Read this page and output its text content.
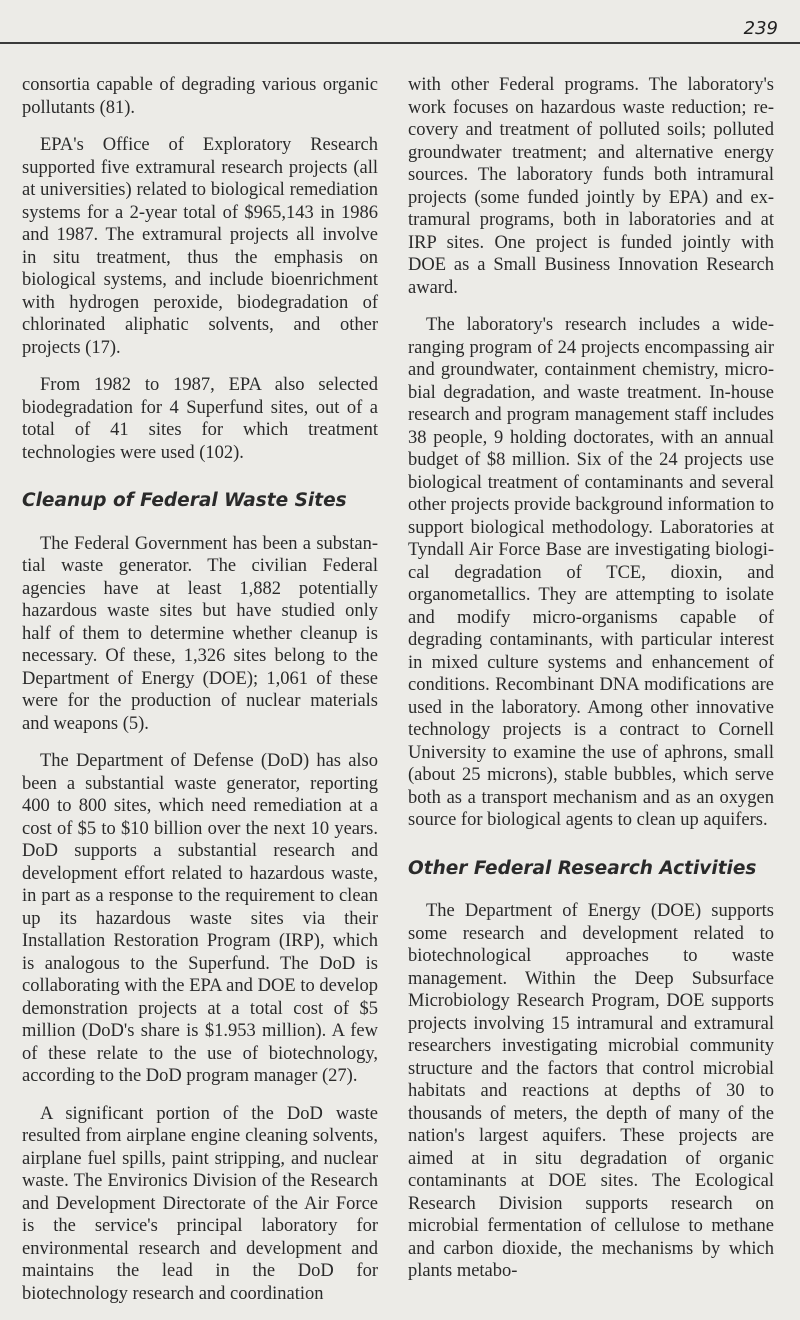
239

consortia capable of degrading various organic pollutants (81).

EPA's Office of Exploratory Research supported five extramural research projects (all at universities) related to biological remediation systems for a 2-year total of $965,143 in 1986 and 1987. The extramural projects all involve in situ treatment, thus the emphasis on biological systems, and include bioenrichment with hydrogen peroxide, biodegradation of chlorinated aliphatic solvents, and other projects (17).

From 1982 to 1987, EPA also selected biodegradation for 4 Superfund sites, out of a total of 41 sites for which treatment technologies were used (102).

Cleanup of Federal Waste Sites

The Federal Government has been a substantial waste generator. The civilian Federal agencies have at least 1,882 potentially hazardous waste sites but have studied only half of them to determine whether cleanup is necessary. Of these, 1,326 sites belong to the Department of Energy (DOE); 1,061 of these were for the production of nuclear materials and weapons (5).

The Department of Defense (DoD) has also been a substantial waste generator, reporting 400 to 800 sites, which need remediation at a cost of $5 to $10 billion over the next 10 years. DoD supports a substantial research and development effort related to hazardous waste, in part as a response to the requirement to clean up its hazardous waste sites via their Installation Restoration Program (IRP), which is analogous to the Superfund. The DoD is collaborating with the EPA and DOE to develop demonstration projects at a total cost of $5 million (DoD's share is $1.953 million). A few of these relate to the use of biotechnology, according to the DoD program manager (27).

A significant portion of the DoD waste resulted from airplane engine cleaning solvents, airplane fuel spills, paint stripping, and nuclear waste. The Environics Division of the Research and Development Directorate of the Air Force is the service's principal laboratory for environmental research and development and maintains the lead in the DoD for biotechnology research and coordination

with other Federal programs. The laboratory's work focuses on hazardous waste reduction; recovery and treatment of polluted soils; polluted groundwater treatment; and alternative energy sources. The laboratory funds both intramural projects (some funded jointly by EPA) and extramural programs, both in laboratories and at IRP sites. One project is funded jointly with DOE as a Small Business Innovation Research award.

The laboratory's research includes a wide-ranging program of 24 projects encompassing air and groundwater, containment chemistry, microbial degradation, and waste treatment. In-house research and program management staff includes 38 people, 9 holding doctorates, with an annual budget of $8 million. Six of the 24 projects use biological treatment of contaminants and several other projects provide background information to support biological methodology. Laboratories at Tyndall Air Force Base are investigating biological degradation of TCE, dioxin, and organometallics. They are attempting to isolate and modify micro-organisms capable of degrading contaminants, with particular interest in mixed culture systems and enhancement of conditions. Recombinant DNA modifications are used in the laboratory. Among other innovative technology projects is a contract to Cornell University to examine the use of aphrons, small (about 25 microns), stable bubbles, which serve both as a transport mechanism and as an oxygen source for biological agents to clean up aquifers.

Other Federal Research Activities

The Department of Energy (DOE) supports some research and development related to biotechnological approaches to waste management. Within the Deep Subsurface Microbiology Research Program, DOE supports projects involving 15 intramural and extramural researchers investigating microbial community structure and the factors that control microbial habitats and reactions at depths of 30 to thousands of meters, the depth of many of the nation's largest aquifers. These projects are aimed at in situ degradation of organic contaminants at DOE sites. The Ecological Research Division supports research on microbial fermentation of cellulose to methane and carbon dioxide, the mechanisms by which plants metabo-
